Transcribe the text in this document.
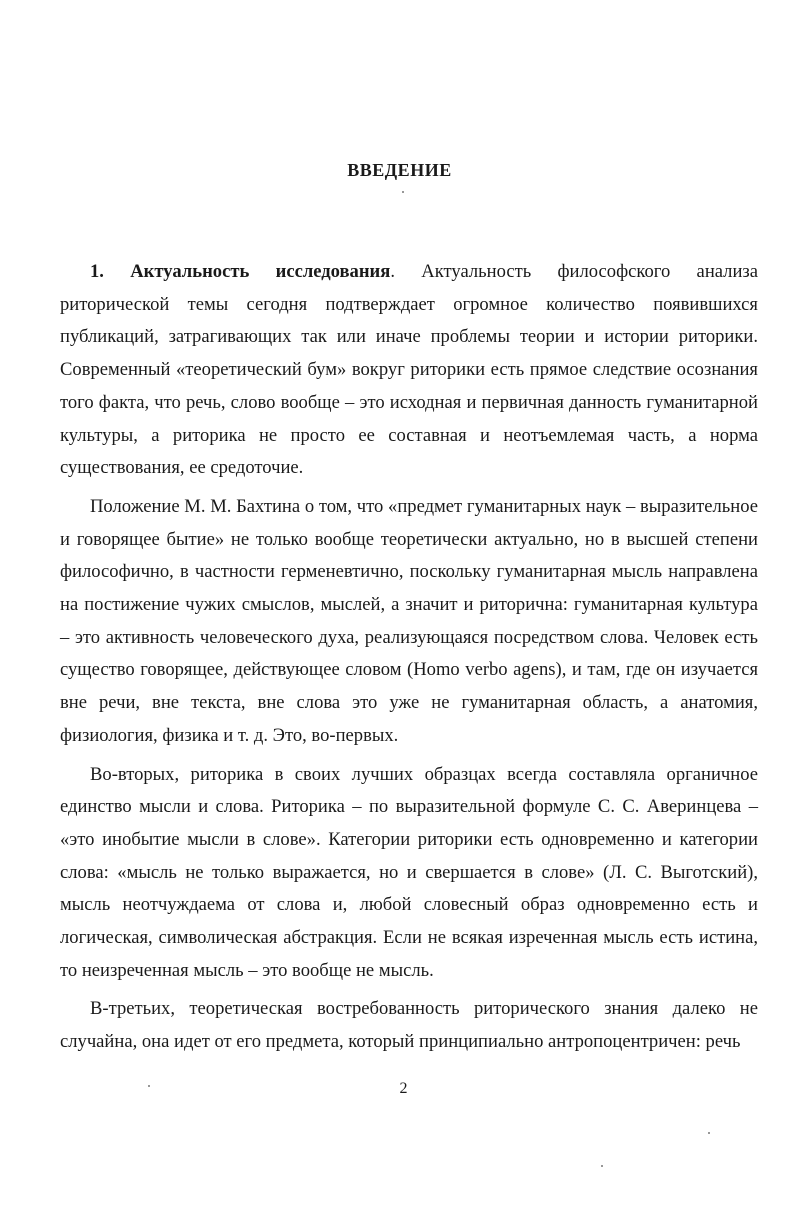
ВВЕДЕНИЕ

1. Актуальность исследования. Актуальность философского анализа риторической темы сегодня подтверждает огромное количество появившихся публикаций, затрагивающих так или иначе проблемы теории и истории риторики. Современный «теоретический бум» вокруг риторики есть прямое следствие осознания того факта, что речь, слово вообще – это исходная и первичная данность гуманитарной культуры, а риторика не просто ее составная и неотъемлемая часть, а норма существования, ее средоточие.

Положение М. М. Бахтина о том, что «предмет гуманитарных наук – выразительное и говорящее бытие» не только вообще теоретически актуально, но в высшей степени философично, в частности герменевтично, поскольку гуманитарная мысль направлена на постижение чужих смыслов, мыслей, а значит и риторична: гуманитарная культура – это активность человеческого духа, реализующаяся посредством слова. Человек есть существо говорящее, действующее словом (Homo verbo agens), и там, где он изучается вне речи, вне текста, вне слова это уже не гуманитарная область, а анатомия, физиология, физика и т. д. Это, во-первых.

Во-вторых, риторика в своих лучших образцах всегда составляла органичное единство мысли и слова. Риторика – по выразительной формуле С. С. Аверинцева – «это инобытие мысли в слове». Категории риторики есть одновременно и категории слова: «мысль не только выражается, но и свершается в слове» (Л. С. Выготский), мысль неотчуждаема от слова и, любой словесный образ одновременно есть и логическая, символическая абстракция. Если не всякая изреченная мысль есть истина, то неизреченная мысль – это вообще не мысль.

В-третьих, теоретическая востребованность риторического знания далеко не случайна, она идет от его предмета, который принципиально антропоцентричен: речь

2
